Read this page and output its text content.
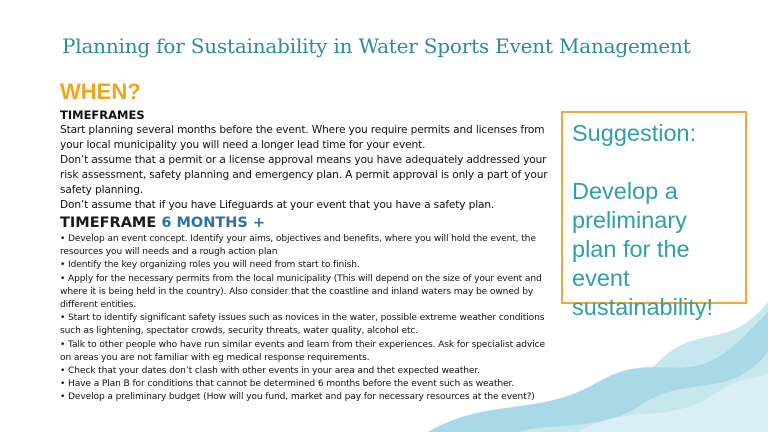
Planning for Sustainability in Water Sports Event Management
WHEN?
TIMEFRAMES

Start planning several months before the event. Where you require permits and licenses from your local municipality you will need a longer lead time for your event.

Don’t assume that a permit or a license approval means you have adequately addressed your risk assessment, safety planning and emergency plan. A permit approval is only a part of your safety planning.

Don’t assume that if you have Lifeguards at your event that you have a safety plan.

TIMEFRAME 6 MONTHS +
• Develop an event concept. Identify your aims, objectives and benefits, where you will hold the event, the resources you will needs and a rough action plan
• Identify the key organizing roles you will need from start to finish.
• Apply for the necessary permits from the local municipality (This will depend on the size of your event and where it is being held in the country). Also consider that the coastline and inland waters may be owned by different entities.
• Start to identify significant safety issues such as novices in the water, possible extreme weather conditions such as lightening, spectator crowds, security threats, water quality, alcohol etc.
• Talk to other people who have run similar events and learn from their experiences. Ask for specialist advice on areas you are not familiar with eg medical response requirements.
• Check that your dates don’t clash with other events in your area and thet expected weather.
• Have a Plan B for conditions that cannot be determined 6 months before the event such as weather.
• Develop a preliminary budget (How will you fund, market and pay for necessary resources at the event?)
Suggestion:
Develop a preliminary plan for the event sustainability!
